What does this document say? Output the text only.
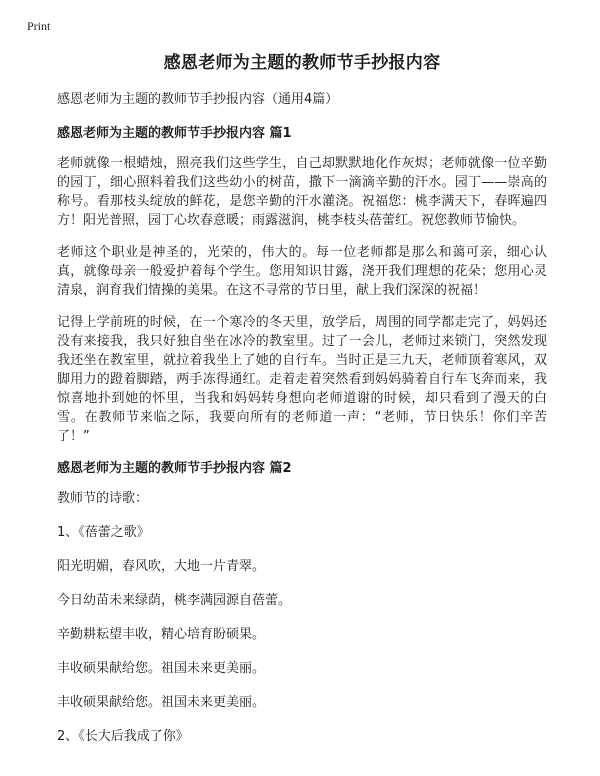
Print
感恩老师为主题的教师节手抄报内容

感恩老师为主题的教师节手抄报内容（通用4篇）

感恩老师为主题的教师节手抄报内容 篇1

老师就像一根蜡烛，照亮我们这些学生，自己却默默地化作灰烬；老师就像一位辛勤的园丁，细心照料着我们这些幼小的树苗，撒下一滴滴辛勤的汗水。园丁——崇高的称号。看那枝头绽放的鲜花，是您辛勤的汗水灌浇。祝福您：桃李满天下，春晖遍四方！阳光普照，园丁心坎春意暖；雨露滋润，桃李枝头蓓蕾红。祝您教师节愉快。

老师这个职业是神圣的，光荣的，伟大的。每一位老师都是那么和蔼可亲，细心认真，就像母亲一般爱护着每个学生。您用知识甘露，浇开我们理想的花朵；您用心灵清泉，润育我们情操的美果。在这不寻常的节日里，献上我们深深的祝福！

记得上学前班的时候，在一个寒冷的冬天里，放学后，周围的同学都走完了，妈妈还没有来接我，我只好独自坐在冰冷的教室里。过了一会儿，老师过来锁门，突然发现我还坐在教室里，就拉着我坐上了她的自行车。当时正是三九天，老师顶着寒风，双脚用力的蹬着脚踏，两手冻得通红。走着走着突然看到妈妈骑着自行车飞奔而来，我惊喜地扑到她的怀里，当我和妈妈转身想向老师道谢的时候，却只看到了漫天的白雪。在教师节来临之际，我要向所有的老师道一声：“老师，节日快乐！你们辛苦了！”

感恩老师为主题的教师节手抄报内容 篇2

教师节的诗歌：

1、《蓓蕾之歌》

阳光明媚，春风吹，大地一片青翠。

今日幼苗未来绿荫，桃李满园源自蓓蕾。

辛勤耕耘望丰收，精心培育盼硕果。

丰收硕果献给您。祖国未来更美丽。

丰收硕果献给您。祖国未来更美丽。

2、《长大后我成了你》
